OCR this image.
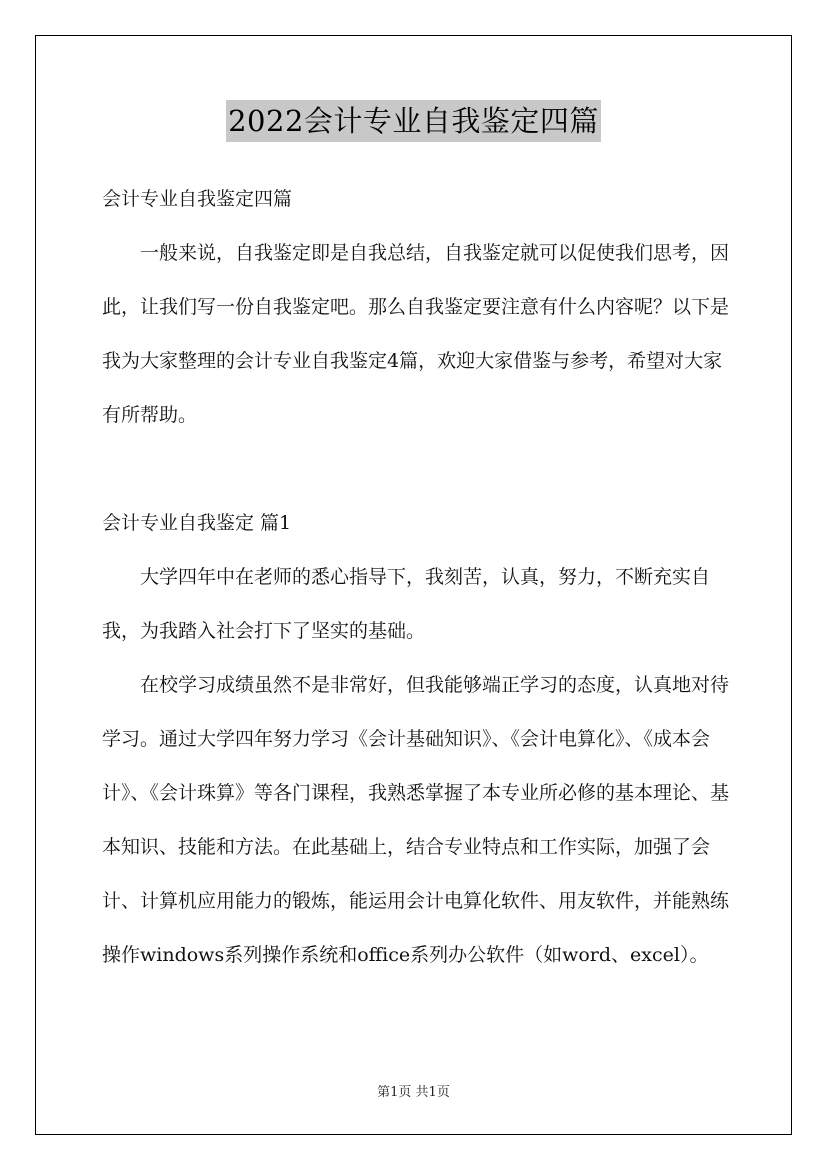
2022会计专业自我鉴定四篇

会计专业自我鉴定四篇

一般来说，自我鉴定即是自我总结，自我鉴定就可以促使我们思考，因此，让我们写一份自我鉴定吧。那么自我鉴定要注意有什么内容呢？以下是我为大家整理的会计专业自我鉴定4篇，欢迎大家借鉴与参考，希望对大家有所帮助。

会计专业自我鉴定 篇1

大学四年中在老师的悉心指导下，我刻苦，认真，努力，不断充实自我，为我踏入社会打下了坚实的基础。

在校学习成绩虽然不是非常好，但我能够端正学习的态度，认真地对待学习。通过大学四年努力学习《会计基础知识》、《会计电算化》、《成本会计》、《会计珠算》等各门课程，我熟悉掌握了本专业所必修的基本理论、基本知识、技能和方法。在此基础上，结合专业特点和工作实际，加强了会计、计算机应用能力的锻炼，能运用会计电算化软件、用友软件，并能熟练操作windows系列操作系统和office系列办公软件（如word、excel）。

第1页 共1页
